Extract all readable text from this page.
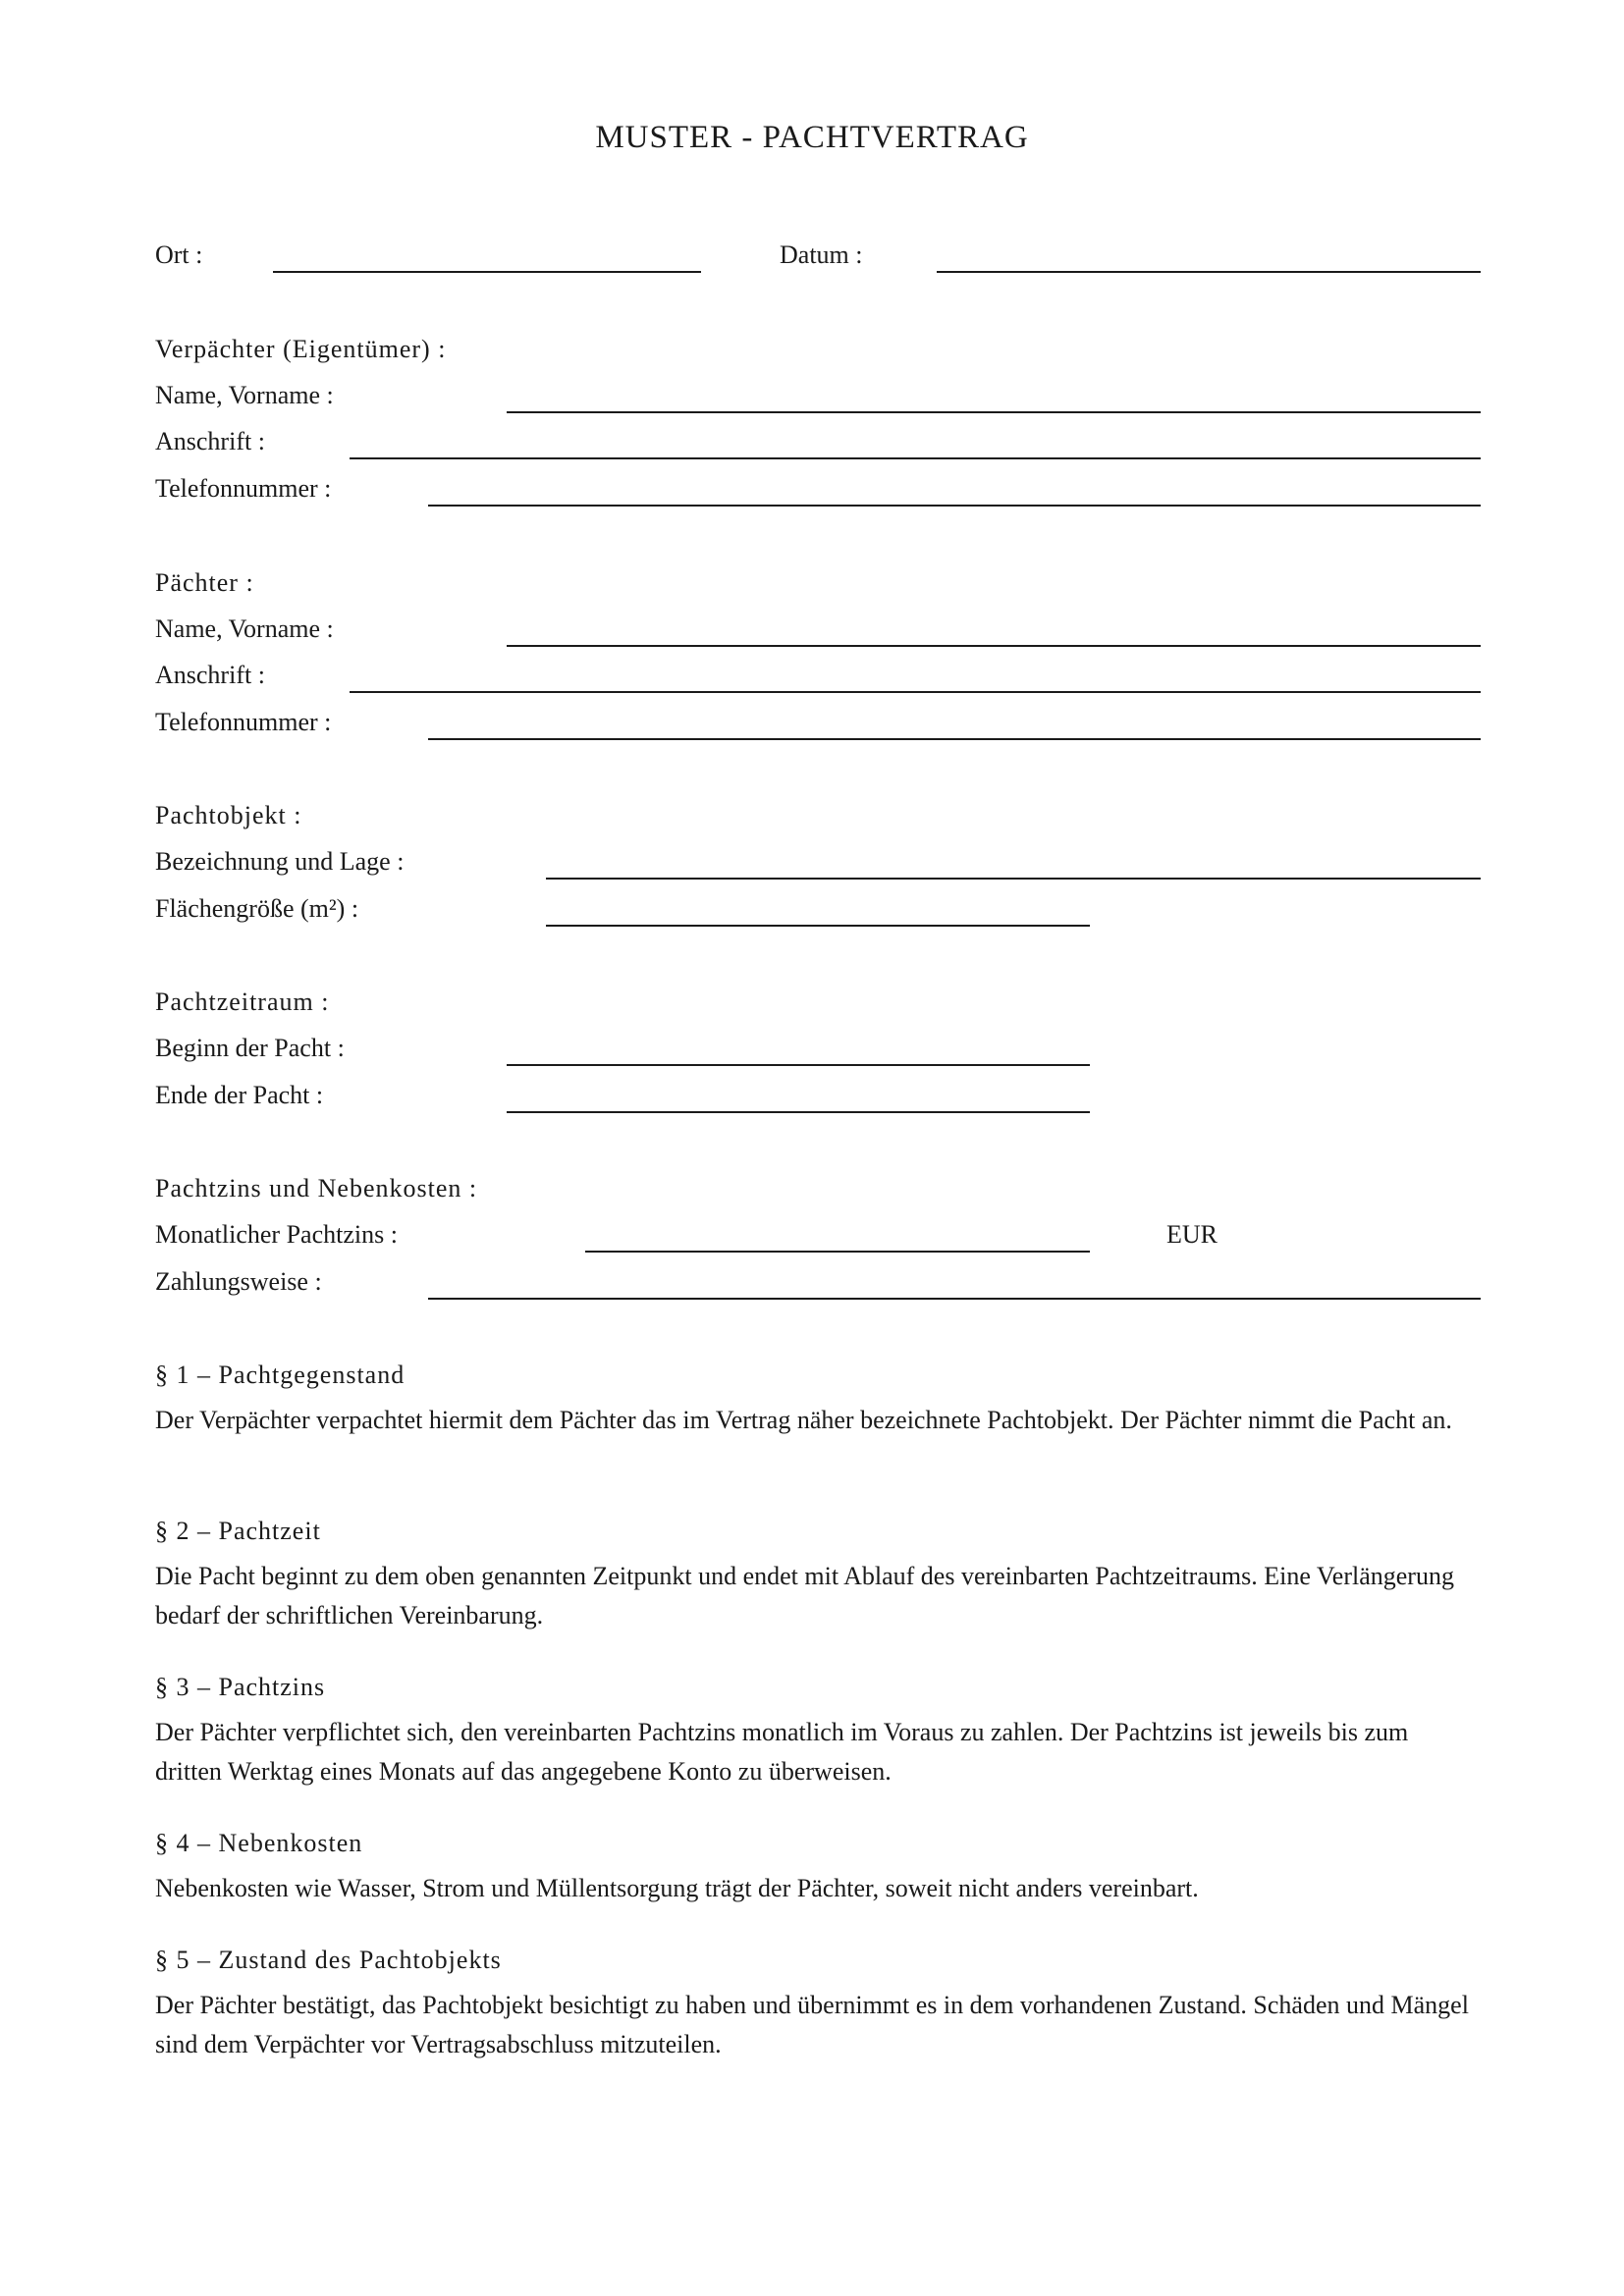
MUSTER - PACHTVERTRAG
Ort :	Datum :
Verpächter (Eigentümer) :
Name, Vorname :
Anschrift :
Telefonnummer :
Pächter :
Name, Vorname :
Anschrift :
Telefonnummer :
Pachtobjekt :
Bezeichnung und Lage :
Flächengröße (m²) :
Pachtzeitraum :
Beginn der Pacht :
Ende der Pacht :
Pachtzins und Nebenkosten :
Monatlicher Pachtzins :	EUR
Zahlungsweise :
§ 1 – Pachtgegenstand
Der Verpächter verpachtet hiermit dem Pächter das im Vertrag näher bezeichnete Pachtobjekt. Der Pächter nimmt die Pacht an.
§ 2 – Pachtzeit
Die Pacht beginnt zu dem oben genannten Zeitpunkt und endet mit Ablauf des vereinbarten Pachtzeitraums. Eine Verlängerung bedarf der schriftlichen Vereinbarung.
§ 3 – Pachtzins
Der Pächter verpflichtet sich, den vereinbarten Pachtzins monatlich im Voraus zu zahlen. Der Pachtzins ist jeweils bis zum dritten Werktag eines Monats auf das angegebene Konto zu überweisen.
§ 4 – Nebenkosten
Nebenkosten wie Wasser, Strom und Müllentsorgung trägt der Pächter, soweit nicht anders vereinbart.
§ 5 – Zustand des Pachtobjekts
Der Pächter bestätigt, das Pachtobjekt besichtigt zu haben und übernimmt es in dem vorhandenen Zustand. Schäden und Mängel sind dem Verpächter vor Vertragsabschluss mitzuteilen.
